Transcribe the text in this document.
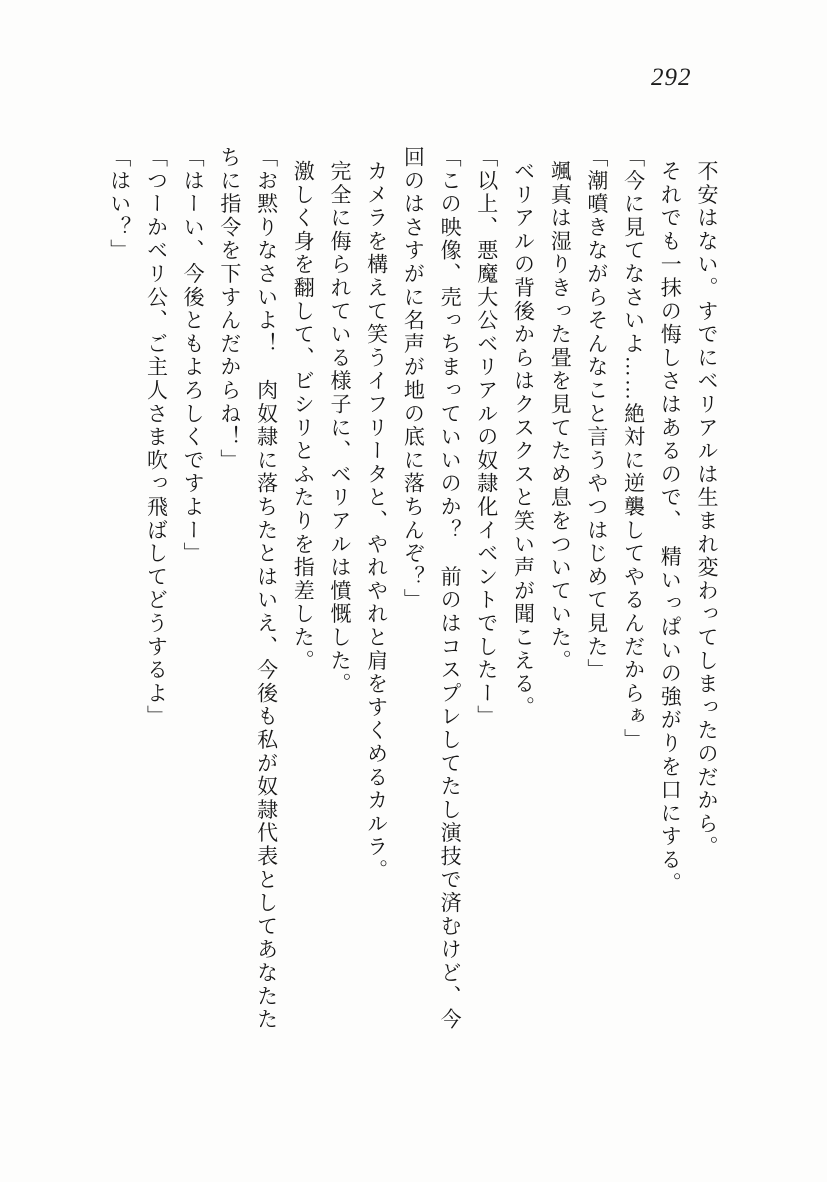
292

不安はない。すでにベリアルは生まれ変わってしまったのだから。

それでも一抹の悔しさはあるので、　精いっぱいの強がりを口にする。

「今に見てなさいよ……絶対に逆襲してやるんだからぁ」

「潮噴きながらそんなこと言うやつはじめて見た」

颯真は湿りきった畳を見てため息をついていた。

ベリアルの背後からはクスクスと笑い声が聞こえる。

「以上、悪魔大公ベリアルの奴隷化イベントでしたー」

「この映像、売っちまっていいのか？　前のはコスプレしてたし演技で済むけど、今回のはさすがに名声が地の底に落ちんぞ？」

カメラを構えて笑うイフリータと、やれやれと肩をすくめるカルラ。

完全に侮られている様子に、ベリアルは憤慨した。

激しく身を翻して、ビシリとふたりを指差した。

「お黙りなさいよ！　肉奴隷に落ちたとはいえ、今後も私が奴隷代表としてあなたたちに指令を下すんだからね！」

「はーい、今後ともよろしくですよー」

「つーかベリ公、ご主人さま吹っ飛ばしてどうするよ」

「はい？」
